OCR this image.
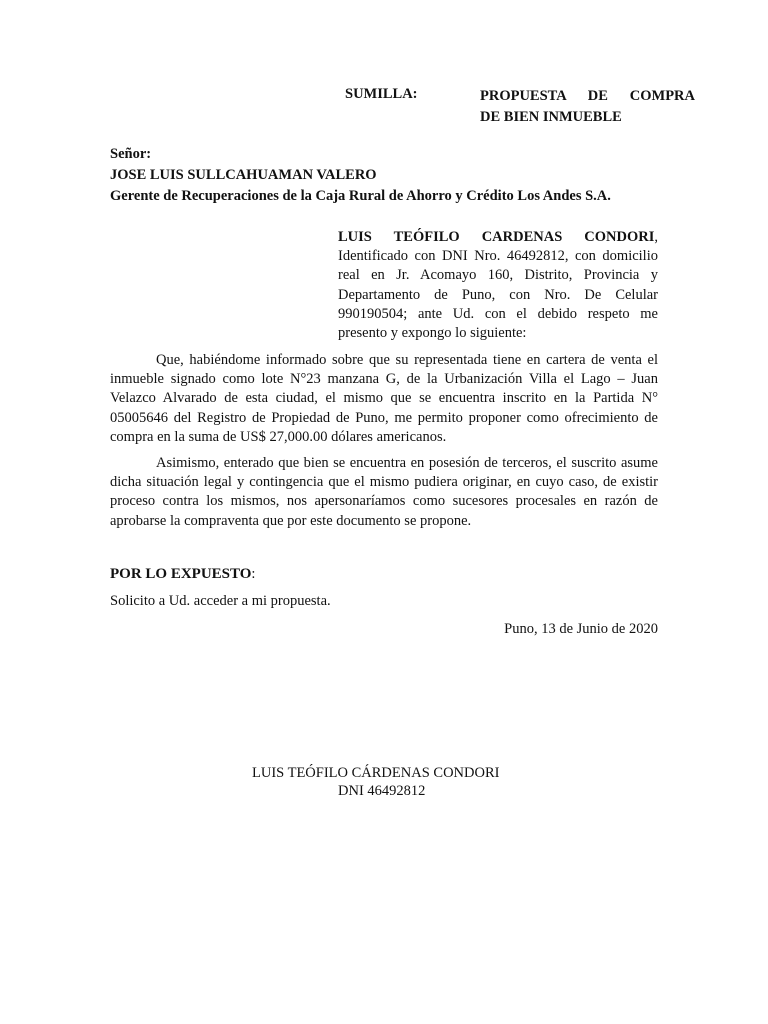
SUMILLA:	PROPUESTA DE COMPRA
DE BIEN INMUEBLE
Señor:
JOSE LUIS SULLCAHUAMAN VALERO
Gerente de Recuperaciones de la Caja Rural de Ahorro y Crédito Los Andes S.A.
LUIS TEÓFILO CARDENAS CONDORI, Identificado con DNI Nro. 46492812, con domicilio real en Jr. Acomayo 160, Distrito, Provincia y Departamento de Puno, con Nro. De Celular 990190504; ante Ud. con el debido respeto me presento y expongo lo siguiente:

Que, habiéndome informado sobre que su representada tiene en cartera de venta el inmueble signado como lote N°23 manzana G, de la Urbanización Villa el Lago – Juan Velazco Alvarado de esta ciudad, el mismo que se encuentra inscrito en la Partida N° 05005646 del Registro de Propiedad de Puno, me permito proponer como ofrecimiento de compra en la suma de US$ 27,000.00 dólares americanos.

Asimismo, enterado que bien se encuentra en posesión de terceros, el suscrito asume dicha situación legal y contingencia que el mismo pudiera originar, en cuyo caso, de existir proceso contra los mismos, nos apersonaríamos como sucesores procesales en razón de aprobarse la compraventa que por este documento se propone.

POR LO EXPUESTO:
Solicito a Ud. acceder a mi propuesta.
Puno, 13 de Junio de 2020
LUIS TEÓFILO CÁRDENAS CONDORI
DNI 46492812
